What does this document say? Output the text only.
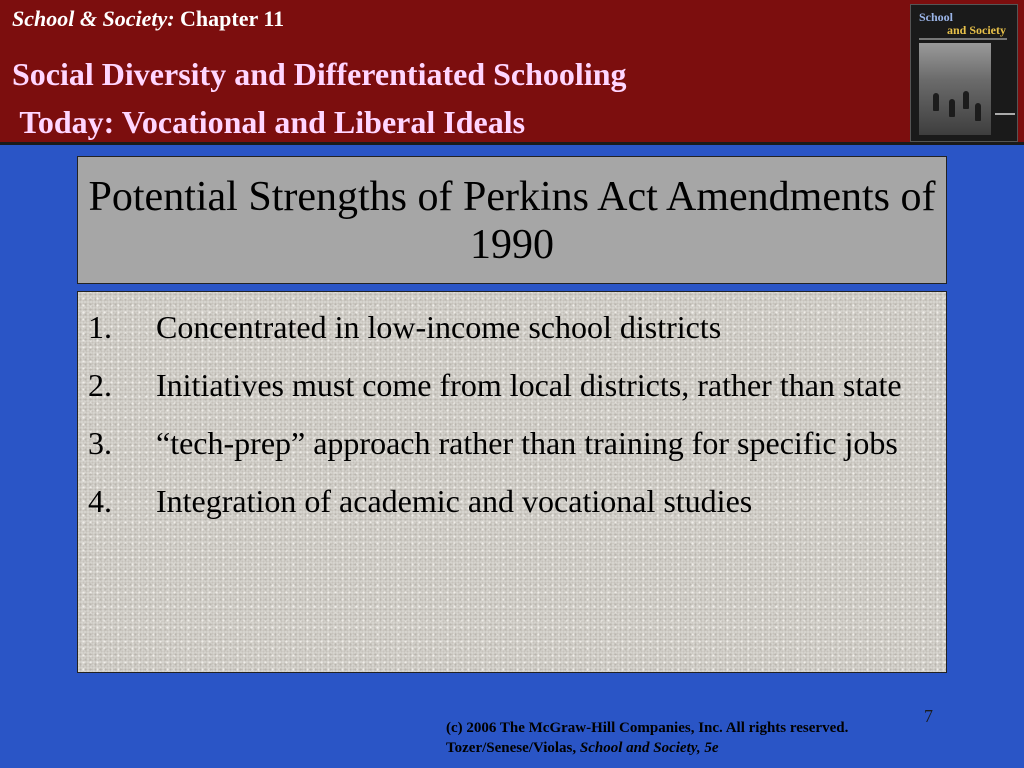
School & Society: Chapter 11
Social Diversity and Differentiated Schooling
Today: Vocational and Liberal Ideals
School
and Society
Potential Strengths of Perkins Act Amendments of 1990
1.	Concentrated in low-income school districts
2.	Initiatives must come from local districts, rather than state
3.	“tech-prep” approach rather than training for specific jobs
4.	Integration of academic and vocational studies
7
(c) 2006 The McGraw-Hill Companies, Inc. All rights reserved.
Tozer/Senese/Violas, School and Society, 5e
